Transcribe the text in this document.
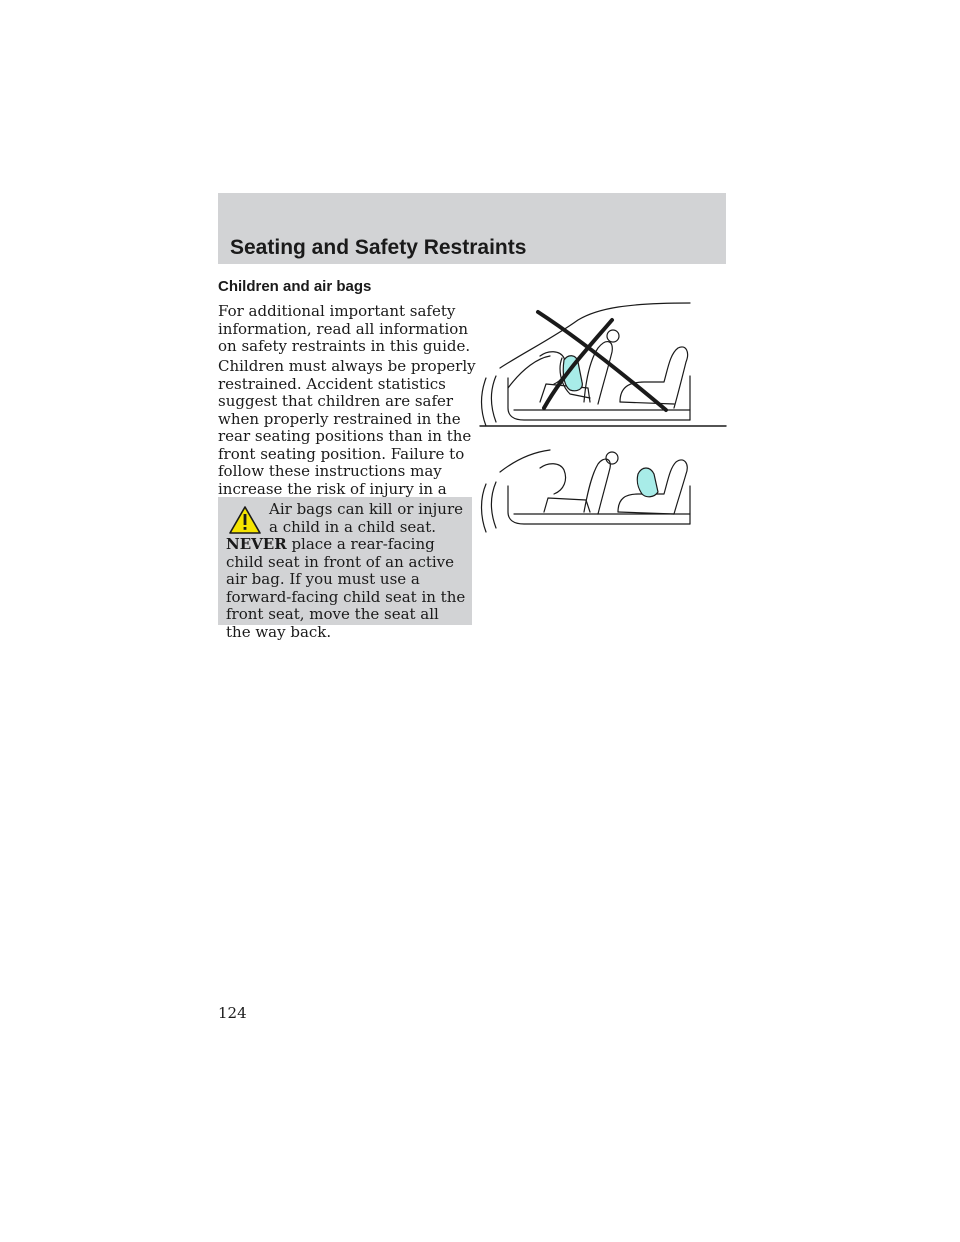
Seating and Safety Restraints
Children and air bags

For additional important safety information, read all information on safety restraints in this guide.

Children must always be properly restrained. Accident statistics suggest that children are safer when properly restrained in the rear seating positions than in the front seating position. Failure to follow these instructions may increase the risk of injury in a

Air bags can kill or injure a child in a child seat.
NEVER place a rear-facing child seat in front of an active air bag. If you must use a forward-facing child seat in the front seat, move the seat all the way back.

124
